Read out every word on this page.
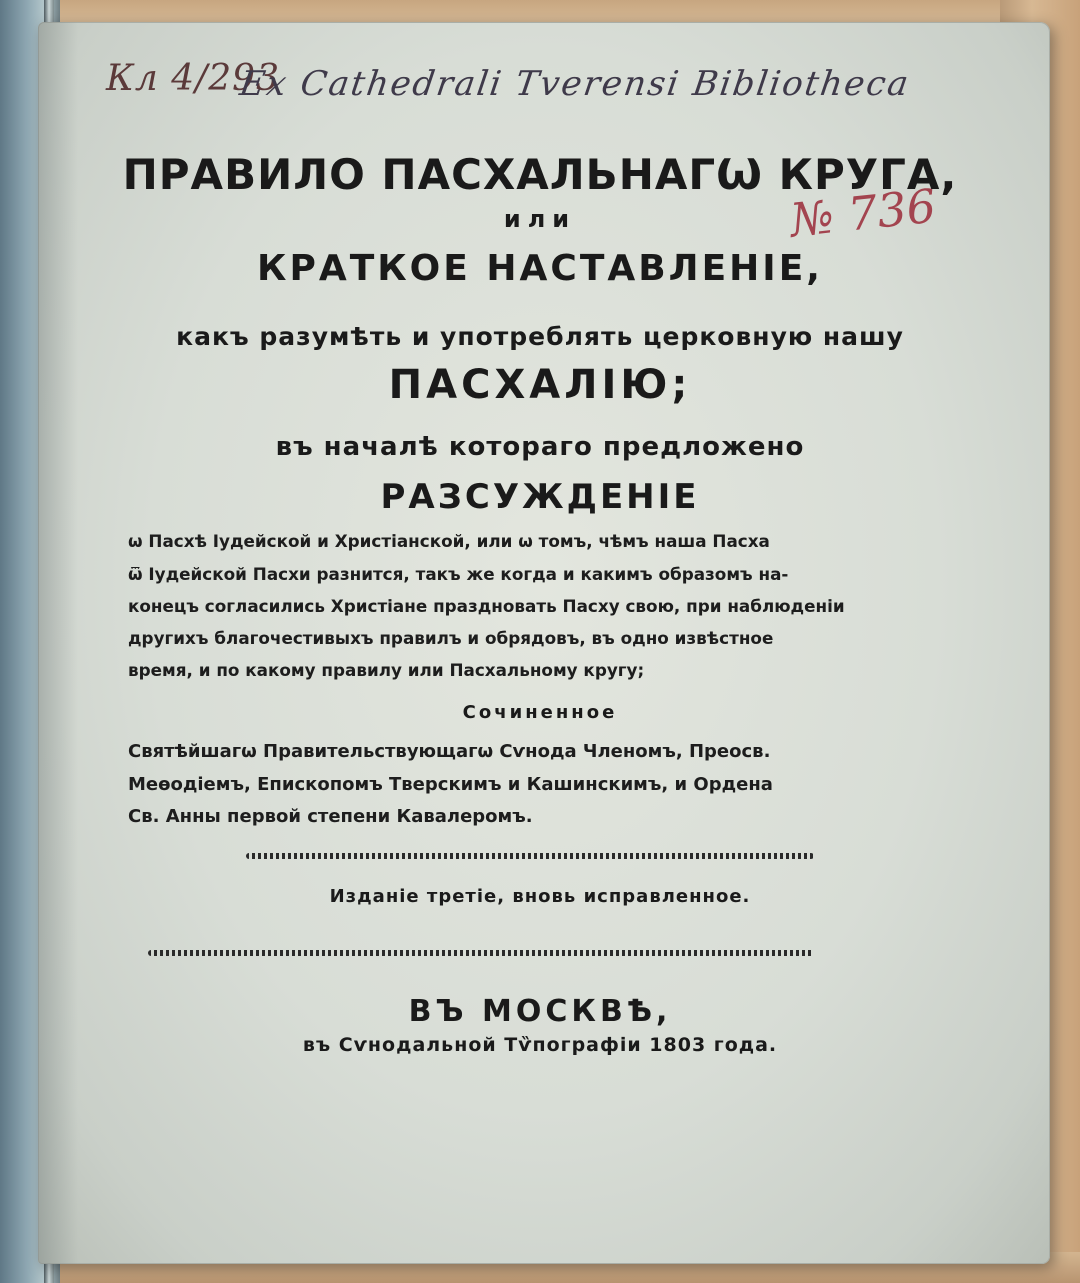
Кл 4/293
Ex Cathedrali Tverensi Bibliotheca
№ 736
ПРАВИЛО ПАСХАЛЬНАГѠ КРУГА,
или
КРАТКОЕ НАСТАВЛЕНІЕ,
какъ разумѣть и употреблять церковную нашу
ПАСХАЛІЮ;
въ началѣ котораго предложено
РАЗСУЖДЕНІЕ
ѡ Пасхѣ Іудейской и Христіанской, или ѡ томъ, чѣмъ наша Пасха
ѿ Іудейской Пасхи разнится, такъ же когда и какимъ образомъ на-
конецъ согласились Христіане праздновать Пасху свою, при наблюденіи
другихъ благочестивыхъ правилъ и обрядовъ, въ одно извѣстное
время, и по какому правилу или Пасхальному кругу;
Сочиненное
Святѣйшагѡ Правительствующагѡ Сѵнода Членомъ, Преосв.
Меѳодіемъ, Епископомъ Тверскимъ и Кашинскимъ, и Ордена
Св. Анны первой степени Кавалеромъ.
Изданіе третіе, вновь исправленное.
ВЪ МОСКВѢ,
въ Сѵнодальной Тѷпографіи 1803 года.
